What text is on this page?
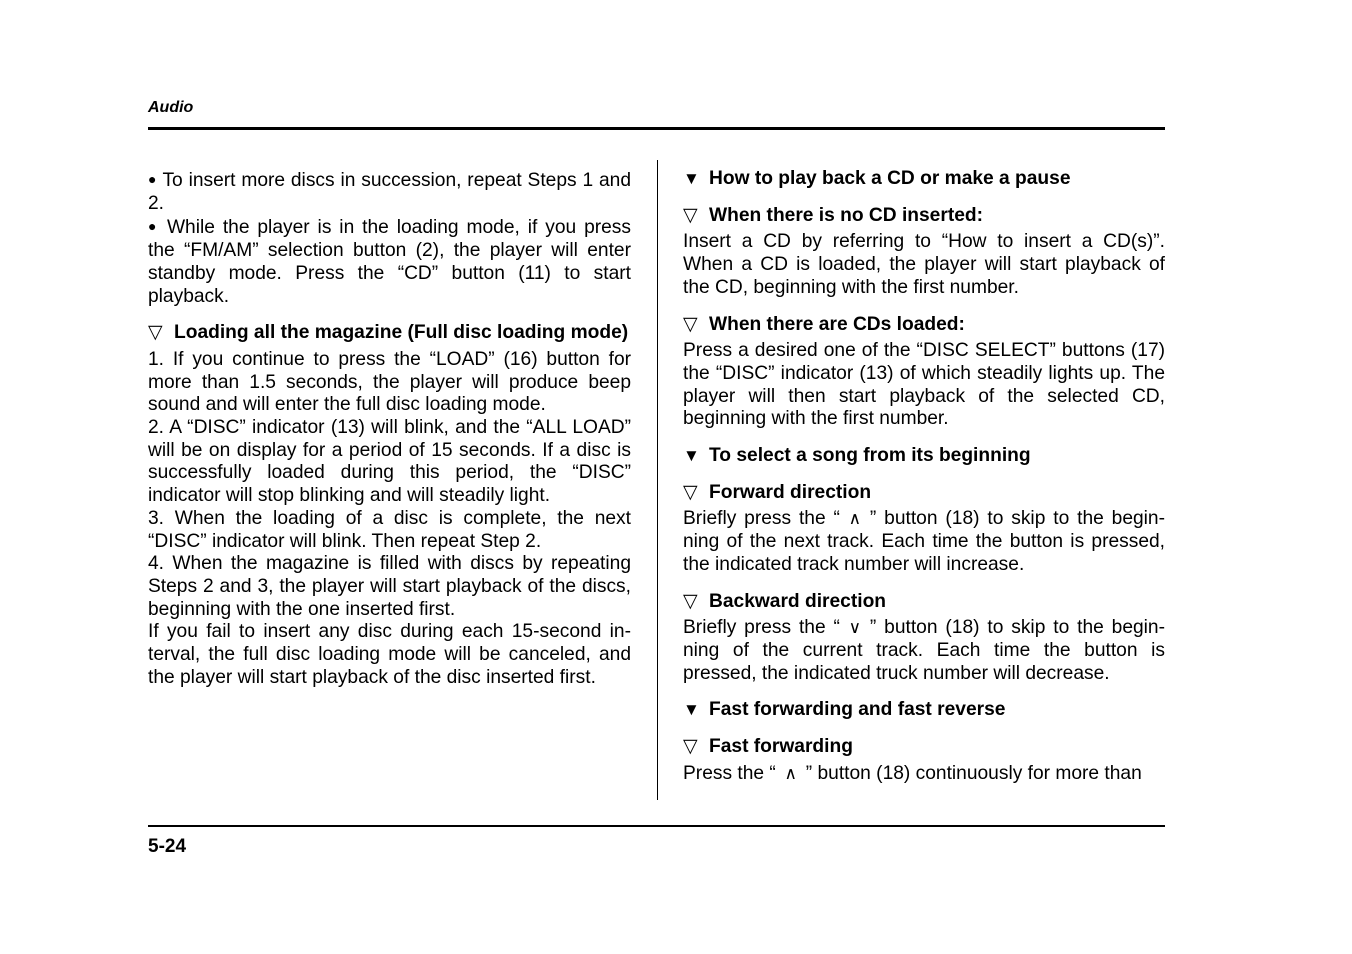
Audio

● To insert more discs in succession, repeat Steps 1 and 2.

● While the player is in the loading mode, if you press the “FM/AM” selection button (2), the player will enter standby mode. Press the “CD” button (11) to start playback.

▽ Loading all the magazine (Full disc loading mode)

1. If you continue to press the “LOAD” (16) button for more than 1.5 seconds, the player will produce beep sound and will enter the full disc loading mode.

2. A “DISC” indicator (13) will blink, and the “ALL LOAD” will be on display for a period of 15 seconds. If a disc is successfully loaded during this period, the “DISC” indicator will stop blinking and will steadily light.

3. When the loading of a disc is complete, the next “DISC” indicator will blink. Then repeat Step 2.

4. When the magazine is filled with discs by repeating Steps 2 and 3, the player will start playback of the discs, beginning with the one inserted first.

If you fail to insert any disc during each 15-second interval, the full disc loading mode will be canceled, and the player will start playback of the disc inserted first.

▼ How to play back a CD or make a pause
▽ When there is no CD inserted:

Insert a CD by referring to “How to insert a CD(s)”. When a CD is loaded, the player will start playback of the CD, beginning with the first number.

▽ When there are CDs loaded:

Press a desired one of the “DISC SELECT” buttons (17) the “DISC” indicator (13) of which steadily lights up. The player will then start playback of the selected CD, beginning with the first number.

▼ To select a song from its beginning
▽ Forward direction

Briefly press the “ ∧ ” button (18) to skip to the beginning of the next track. Each time the button is pressed, the indicated track number will increase.

▽ Backward direction

Briefly press the “ ∨ ” button (18) to skip to the beginning of the current track. Each time the button is pressed, the indicated truck number will decrease.

▼ Fast forwarding and fast reverse
▽ Fast forwarding

Press the “ ∧ ” button (18) continuously for more than

5-24
